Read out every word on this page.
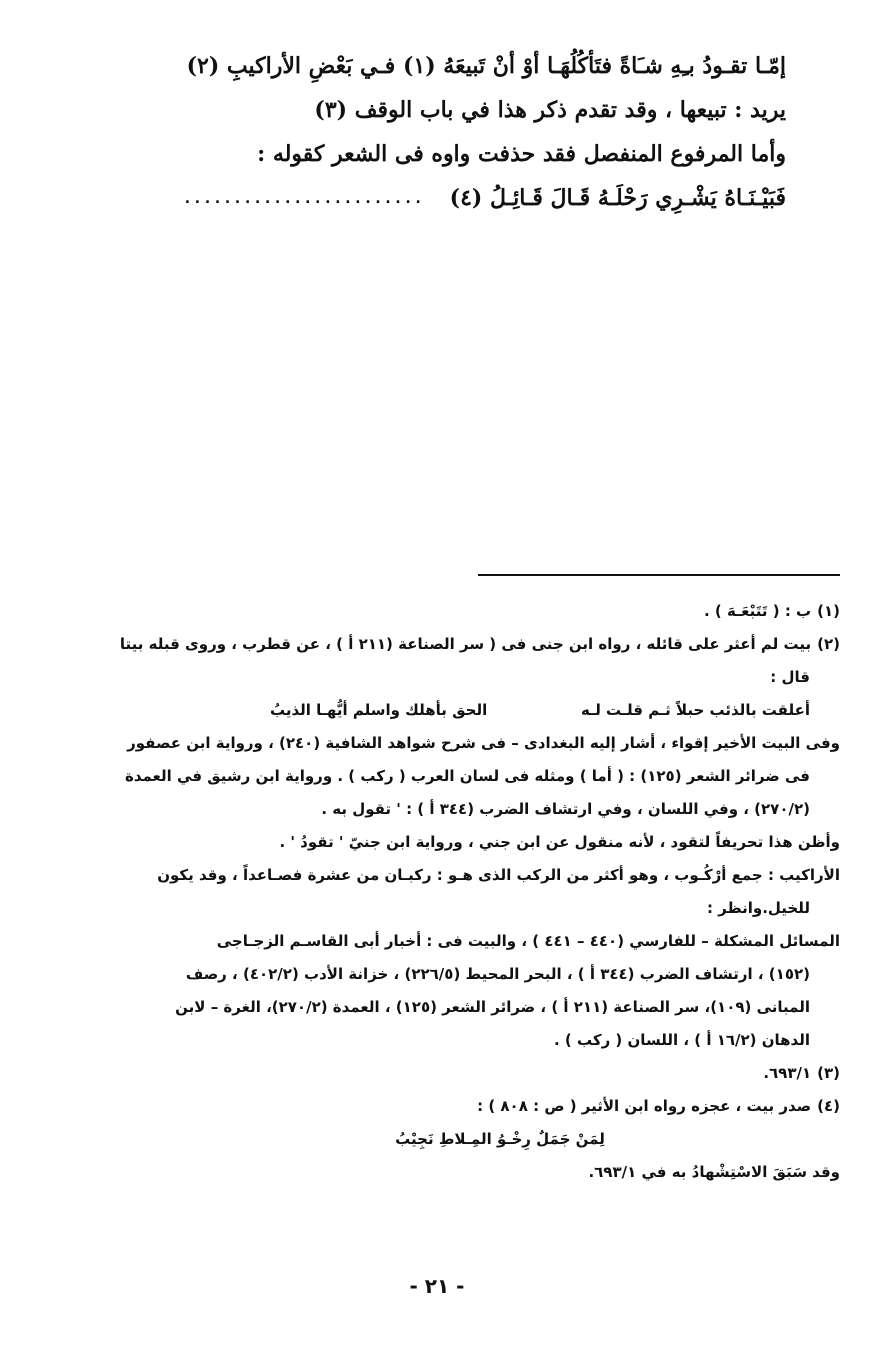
إمّـا تقـودُ بـِهِ شـَاةً فتَأكُلُهَـا أوْ أنْ تَبيعَهُ (١) فـي بَعْضِ الأراكيبِ (٢)
يريد : تبيعها ، وقد تقدم ذكر هذا في باب الوقف (٣)
وأما المرفوع المنفصل فقد حذفت واوه فى الشعر كقوله :
فَبَيْـنَـاهُ يَشْـرِي رَحْلَـهُ قَـالَ قَـائِـلُ (٤)
........................
(١)
ب : ( تَتَبْعَـهَ ) .
(٢)
بيت لم أعثر على قائله ، رواه ابن جنى فى ( سر الصناعة (٢١١ أ ) ، عن قطرب ، وروى قبله بيتا
قال :
أعلقت بالذئب حبلاً ثـم قلـت لـه
الحق بأهلك واسلم أيُّهـا الذيبُ
وفى البيت الأخير إقواء ، أشار إليه البغدادى – فى شرح شواهد الشافية (٢٤٠) ، ورواية ابن عصفور
فى ضرائر الشعر (١٢٥) : ( أما ) ومثله فى لسان العرب ( ركب ) . ورواية ابن رشيق في العمدة
(٢٧٠/٢) ، وفي اللسان ، وفي ارتشاف الضرب (٣٤٤ أ ) : ' تقول به .
وأظن هذا تحريفاً لتقود ، لأنه منقول عن ابن جني ، ورواية ابن جنيّ ' تقودُ ' .
الأراكيب : جمع أرْكُـوب ، وهو أكثر من الركب الذى هـو : ركبـان من عشرة فصـاعداً ، وقد يكون
للخيل.وانظر :
المسائل المشكلة – للفارسي (٤٤٠ – ٤٤١ ) ، والبيت فى : أخبار أبى القاسـم الزجـاجى
(١٥٢) ، ارتشاف الضرب (٣٤٤ أ ) ، البحر المحيط (٢٢٦/٥) ، خزانة الأدب (٤٠٢/٢) ، رصف
المبانى (١٠٩)، سر الصناعة (٢١١ أ ) ، ضرائر الشعر (١٢٥) ، العمدة (٢٧٠/٢)، الغرة – لابن
الدهان (١٦/٢ أ ) ، اللسان ( ركب ) .
(٣)
٦٩٣/١.
(٤)
صدر بيت ، عجزه رواه ابن الأثير ( ص : ٨٠٨ ) :
لِمَنْ جَمَلٌ رِخْـوُ المِـلاطِ نَجِيْبُ
وقد سَبَقَ الاسْتِشْهادُ به في ٦٩٣/١.
- ٢١ -
